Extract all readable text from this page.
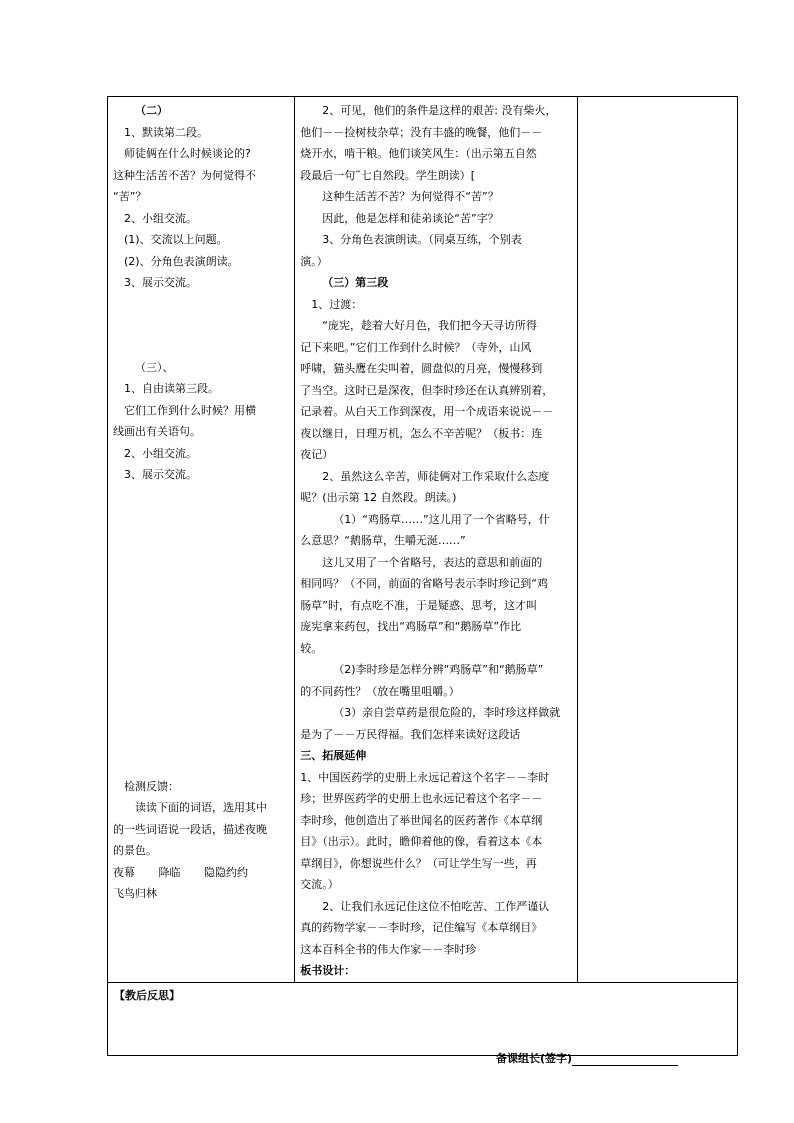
（二）
1、默读第二段。
师徒俩在什么时候谈论的?
这种生活苦不苦？为何觉得不
“苦”？
2、小组交流。
(1)、交流以上问题。
(2)、分角色表演朗读。
3、展示交流。
（三）、
1、自由读第三段。
它们工作到什么时候？用横
线画出有关语句。
2、小组交流。
3、展示交流。
检测反馈：
读读下面的词语，选用其中
的一些词语说一段话，描述夜晚
的景色。
夜幕 降临 隐隐约约
飞鸟归林

2、可见，他们的条件是这样的艰苦: 没有柴火，
他们－－捡树枝杂草；没有丰盛的晚餐，他们－－
烧开水，啃干粮。他们谈笑风生：（出示第五自然
段最后一句˜七自然段。学生朗读）[
这种生活苦不苦？为何觉得不“苦”？
因此，他是怎样和徒弟谈论“苦”字？
3、分角色表演朗读。（同桌互练，个别表
演。）
（三）第三段
1、过渡：
“庞宪，趁着大好月色，我们把今天寻访所得
记下来吧。”它们工作到什么时候？（寺外，山风
呼啸，猫头鹰在尖叫着，圆盘似的月亮，慢慢移到
了当空。这时已是深夜，但李时珍还在认真辨别着，
记录着。从白天工作到深夜，用一个成语来说说－－
夜以继日，日理万机，怎么不辛苦呢？（板书：连
夜记）
2、虽然这么辛苦，师徒俩对工作采取什么态度
呢？(出示第 12 自然段。朗读。)
（1）“鸡肠草……”这儿用了一个省略号，什
么意思？“鹅肠草，生嚼无涎……”
这儿又用了一个省略号，表达的意思和前面的
相同吗？（不同，前面的省略号表示李时珍记到“鸡
肠草”时，有点吃不准，于是疑惑、思考，这才叫
庞宪拿来药包，找出“鸡肠草”和“鹅肠草”作比
较。
（2)李时珍是怎样分辨“鸡肠草”和“鹅肠草”
的不同药性？（放在嘴里咀嚼。）
（3）亲自尝草药是很危险的，李时珍这样做就
是为了－－万民得福。我们怎样来读好这段话
三、拓展延伸
1、中国医药学的史册上永远记着这个名字－－李时
珍；世界医药学的史册上也永远记着这个名字－－
李时珍，他创造出了举世闻名的医药著作《本草纲
目》（出示）。此时，瞻仰着他的像，看着这本《本
草纲目》，你想说些什么？（可让学生写一些，再
交流。）
2、让我们永远记住这位不怕吃苦、工作严谨认
真的药物学家－－李时珍，记住编写《本草纲目》
这本百科全书的伟大作家－－李时珍
板书设计：

【教后反思】
备课组长(签字)
